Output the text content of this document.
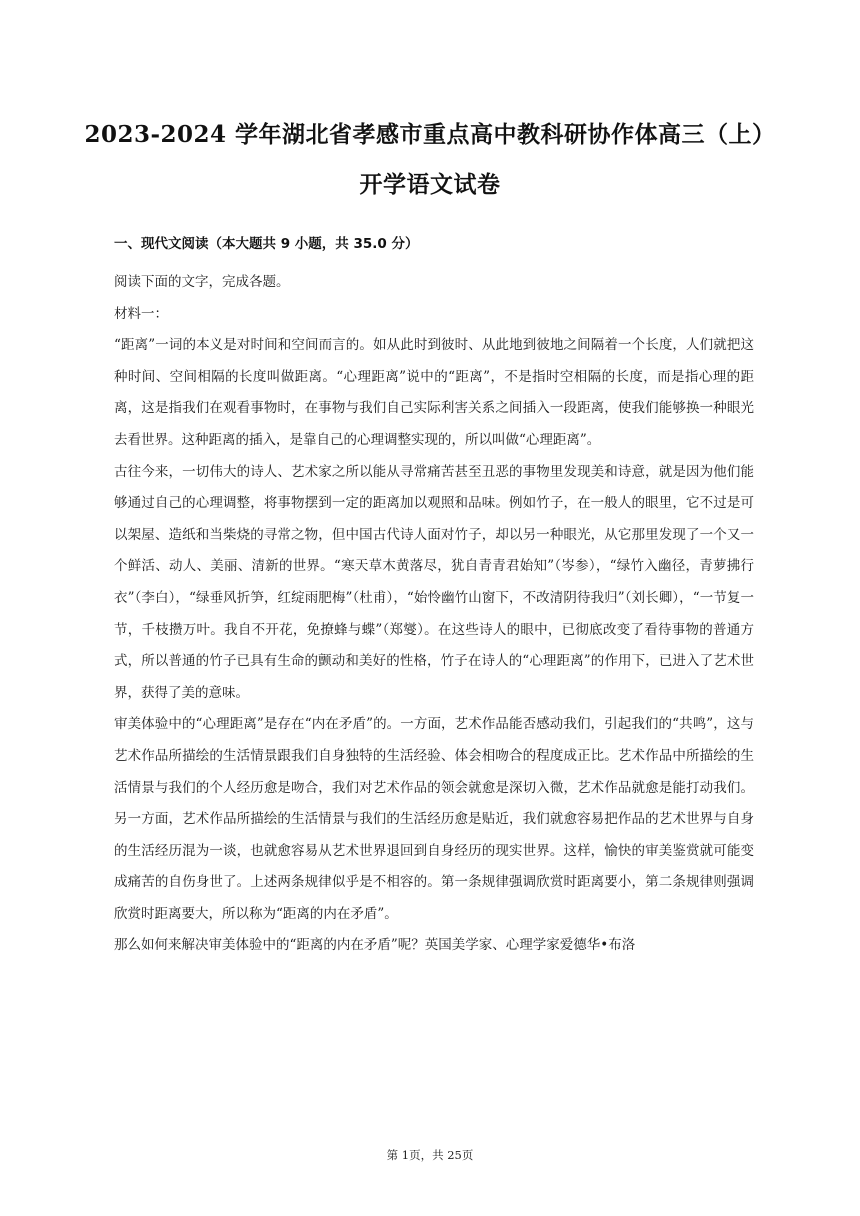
2023-2024 学年湖北省孝感市重点高中教科研协作体高三（上）
开学语文试卷
一、现代文阅读（本大题共 9 小题，共 35.0 分）

阅读下面的文字，完成各题。

材料一：

“距离”一词的本义是对时间和空间而言的。如从此时到彼时、从此地到彼地之间隔着一个长度，人们就把这种时间、空间相隔的长度叫做距离。“心理距离”说中的“距离”，不是指时空相隔的长度，而是指心理的距离，这是指我们在观看事物时，在事物与我们自己实际利害关系之间插入一段距离，使我们能够换一种眼光去看世界。这种距离的插入，是靠自己的心理调整实现的，所以叫做“心理距离”。

古往今来，一切伟大的诗人、艺术家之所以能从寻常痛苦甚至丑恶的事物里发现美和诗意，就是因为他们能够通过自己的心理调整，将事物摆到一定的距离加以观照和品味。例如竹子，在一般人的眼里，它不过是可以架屋、造纸和当柴烧的寻常之物，但中国古代诗人面对竹子，却以另一种眼光，从它那里发现了一个又一个鲜活、动人、美丽、清新的世界。“寒天草木黄落尽，犹自青青君始知”（岑参），“绿竹入幽径，青萝拂行衣”（李白），“绿垂风折笋，红绽雨肥梅”（杜甫），“始怜幽竹山窗下，不改清阴待我归”（刘长卿），“一节复一节，千枝攒万叶。我自不开花，免撩蜂与蝶”（郑燮）。在这些诗人的眼中，已彻底改变了看待事物的普通方式，所以普通的竹子已具有生命的颤动和美好的性格，竹子在诗人的“心理距离”的作用下，已进入了艺术世界，获得了美的意味。

审美体验中的“心理距离”是存在“内在矛盾”的。一方面，艺术作品能否感动我们，引起我们的“共鸣”，这与艺术作品所描绘的生活情景跟我们自身独特的生活经验、体会相吻合的程度成正比。艺术作品中所描绘的生活情景与我们的个人经历愈是吻合，我们对艺术作品的领会就愈是深切入微，艺术作品就愈是能打动我们。另一方面，艺术作品所描绘的生活情景与我们的生活经历愈是贴近，我们就愈容易把作品的艺术世界与自身的生活经历混为一谈，也就愈容易从艺术世界退回到自身经历的现实世界。这样，愉快的审美鉴赏就可能变成痛苦的自伤身世了。上述两条规律似乎是不相容的。第一条规律强调欣赏时距离要小，第二条规律则强调欣赏时距离要大，所以称为“距离的内在矛盾”。

那么如何来解决审美体验中的“距离的内在矛盾”呢？英国美学家、心理学家爱德华•布洛

第 1页，共 25页
